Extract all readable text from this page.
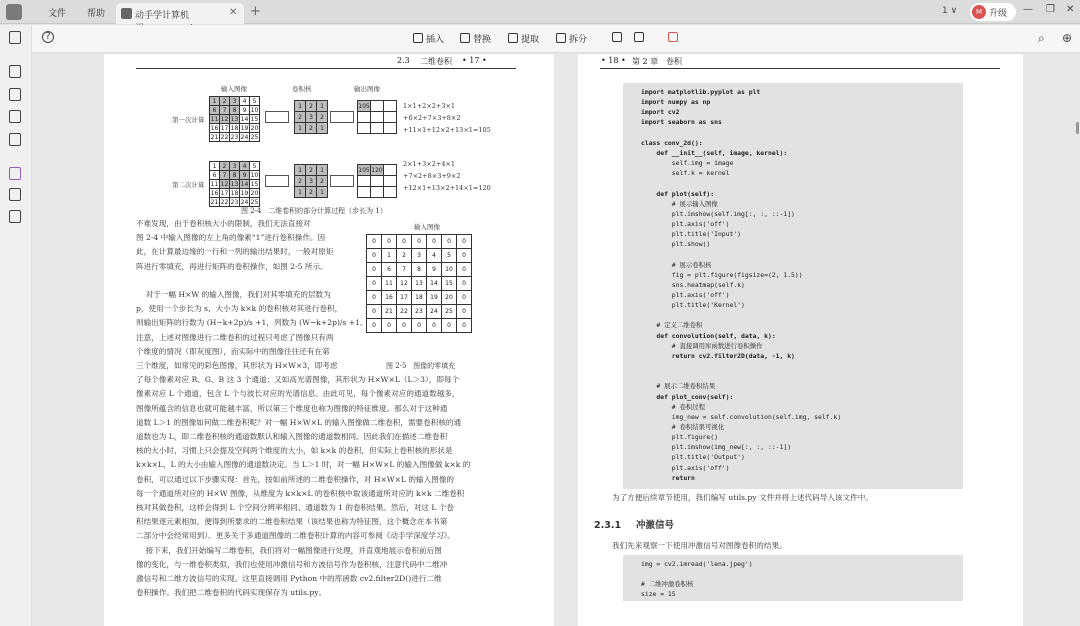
文件 帮助	动手学计算机	✕ +	1 ∨	M 升级 — ❐ ✕
?	插入	替换	提取	拆分	⌕ ⊕
2.3 二维卷积 • 17 •
输入图像	卷积核	输出图像
第一次计算
第二次计算
1	2	3	4	5
6	7	8	9	10
11	12	13	14	15
16	17	18	19	20
21	22	23	24	25
1	2	3	4	5
6	7	8	9	10
11	12	13	14	15
16	17	18	19	20
21	22	23	24	25
1	2	1
2	3	2
1	2	1
1	2	1
2	3	2
1	2	1
105		

105	120	

1×1+2×2+3×1
+6×2+7×3+8×2
+11×1+12×2+13×1=105
2×1+3×2+4×1
+7×2+8×3+9×2
+12×1+13×2+14×1=120
图 2-4   二维卷积的部分计算过程（步长为 1）
输入图像
0	0	0	0	0	0	0
0	1	2	3	4	5	0
0	6	7	8	9	10	0
0	11	12	13	14	15	0
0	16	17	18	19	20	0
0	21	22	23	24	25	0
0	0	0	0	0	0	0
图 2-5   图像的零填充
不难发现，由于卷积核大小的限制，我们无法直接对
图 2-4 中输入图像的左上角的像素“1”进行卷积操作。因
此，在计算最边缘的一行和一列的输出结果时，一般对原矩
阵进行零填充，再进行矩阵的卷积操作，如图 2-5 所示。
对于一幅 H×W 的输入图像，我们对其零填充的层数为
p，使用一个步长为 s、大小为 k×k 的卷积核对其进行卷积，
则输出矩阵的行数为 (H−k+2p)/s +1，列数为 (W−k+2p)/s +1。
注意，上述对图像进行二维卷积的过程只考虑了图像只有两
个维度的情况（即灰度图），而实际中的图像往往还有在第
三个维度，如常见的彩色图像，其形状为 H×W×3，即考虑
了每个像素对应 R、G、B 这 3 个通道；又如高光谱图像，其形状为 H×W×L（L＞3），即每个
像素对应 L 个通道，包含 L 个与波长对应的光谱信息。由此可见，每个像素对应的通道数越多，
图像所蕴含的信息也就可能越丰富，所以第三个维度也称为图像的特征维度。那么对于这种通
道数 L＞1 的图像如何做二维卷积呢？对一幅 H×W×L 的输入图像做二维卷积，需要卷积核的通
道数也为 L，即二维卷积核的通道数默认和输入图像的通道数相同。因此我们在描述二维卷积
核的大小时，习惯上只会提及空间两个维度的大小，如 k×k 的卷积，但实际上卷积核的形状是
k×k×L，L 的大小由输入图像的通道数决定。当 L＞1 时，对一幅 H×W×L 的输入图像做 k×k 的
卷积，可以通过以下步骤实现：首先，按如前所述的二维卷积操作，对 H×W×L 的输入图像的
每一个通道所对应的 H×W 图像，从维度为 k×k×L 的卷积核中取该通道所对应的 k×k 二维卷积
核对其做卷积，这样会得到 L 个空间分辨率相同、通道数为 1 的卷积结果。然后，对这 L 个卷
积结果逐元素相加，便得到所要求的二维卷积结果（该结果也称为特征图，这个概念在本书第
二部分中会经常用到）。更多关于多通道图像的二维卷积计算的内容可参阅《动手学深度学习》。
接下来，我们开始编写二维卷积，我们将对一幅图像进行处理，并直观地展示卷积前后图
像的变化，与一维卷积类似，我们也使用冲激信号和方波信号作为卷积核，注意代码中二维冲
激信号和二维方波信号的实现。这里直接调用 Python 中的库函数 cv2.filter2D()进行二维
卷积操作。我们把二维卷积的代码实现保存为 utils.py。
• 18 • 第 2 章 卷积
import matplotlib.pyplot as plt
import numpy as np
import cv2
import seaborn as sns
class conv_2d():
def __init__(self, image, kernel):
self.img = image
self.k = kernel
def plot(self):
# 展示输入图像
plt.imshow(self.img[:, :, ::-1])
plt.axis('off')
plt.title('Input')
plt.show()
# 展示卷积核
fig = plt.figure(figsize=(2, 1.5))
sns.heatmap(self.k)
plt.axis('off')
plt.title('Kernel')
# 定义二维卷积
def convolution(self, data, k):
# 直接调用库函数进行卷积操作
return cv2.filter2D(data, -1, k)
# 展示二维卷积结果
def plot_conv(self):
# 卷积过程
img_new = self.convolution(self.img, self.k)
# 卷积结果可视化
plt.figure()
plt.imshow(img_new[:, :, ::-1])
plt.title('Output')
plt.axis('off')
return
为了方便后续章节使用，我们编写 utils.py 文件并将上述代码导入该文件中。
2.3.1 冲激信号
我们先来观察一下使用冲激信号对图像卷积的结果。
img = cv2.imread('lena.jpeg')
# 二维冲激卷积核
size = 15
